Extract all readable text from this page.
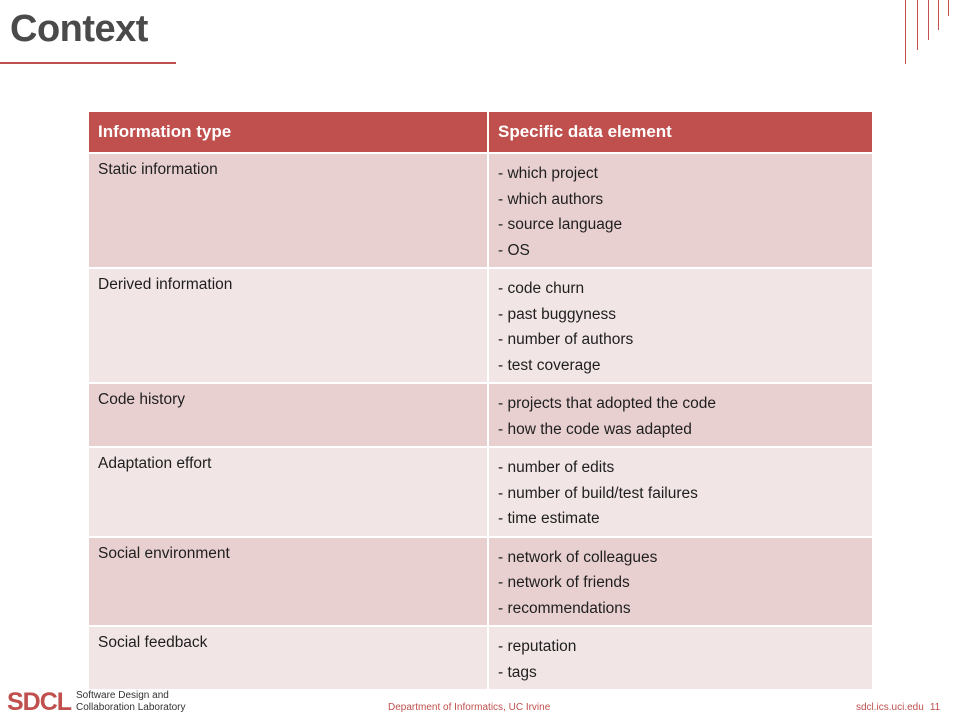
Context
Information type	Specific data element
Static information	- which project
- which authors
- source language
- OS

Derived information	- code churn
- past buggyness
- number of authors
- test coverage

Code history	- projects that adopted the code
- how the code was adapted

Adaptation effort	- number of edits
- number of build/test failures
- time estimate

Social environment	- network of colleagues
- network of friends
- recommendations

Social feedback	- reputation
- tags
SDCL Software Design and
Collaboration Laboratory	Department of Informatics, UC Irvine	sdcl.ics.uci.edu 11
